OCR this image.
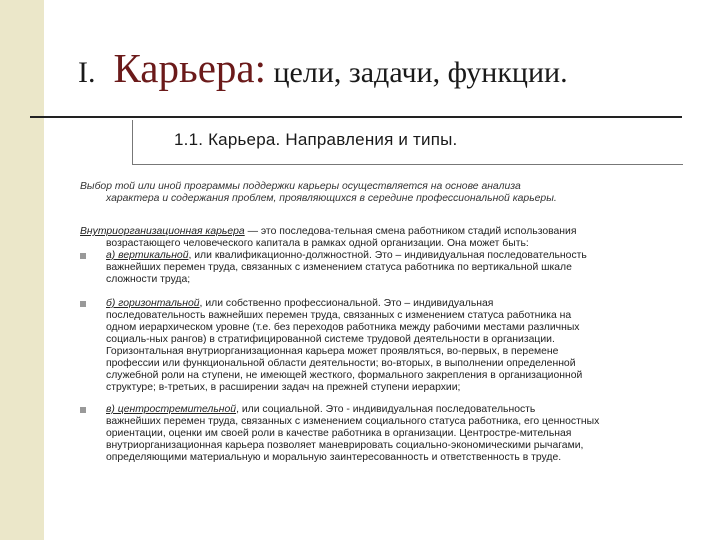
I. Карьера: цели, задачи, функции.
1.1. Карьера. Направления и типы.
Выбор той или иной программы поддержки карьеры осуществляется на основе анализа
характера и содержания проблем, проявляющихся в середине профессиональной карьеры.
Внутриорганизационная карьера — это последова-тельная смена работником стадий использования
возрастающего человеческого капитала в рамках одной организации. Она может быть:
а) вертикальной, или квалификационно-должностной. Это – индивидуальная последовательность
важнейших перемен труда, связанных с изменением статуса работника по вертикальной шкале
сложности труда;
б) горизонтальной, или собственно профессиональной. Это – индивидуальная
последовательность важнейших перемен труда, связанных с изменением статуса работника на
одном иерархическом уровне (т.е. без переходов работника между рабочими местами различных
социаль-ных рангов) в стратифицированной системе трудовой деятельности в организации.
Горизонтальная внутриорганизационная карьера может проявляться, во-первых, в перемене
профессии или функциональной области деятельности; во-вторых, в выполнении определенной
служебной роли на ступени, не имеющей жесткого, формального закрепления в организационной
структуре; в-третьих, в расширении задач на прежней ступени иерархии;
в) центростремительной, или социальной. Это - индивидуальная последовательность
важнейших перемен труда, связанных с изменением социального статуса работника, его ценностных
ориентации, оценки им своей роли в качестве работника в организации. Центростре-мительная
внутриорганизационная карьера позволяет маневрировать социально-экономическими рычагами,
определяющими материальную и моральную заинтересованность и ответственность в труде.
